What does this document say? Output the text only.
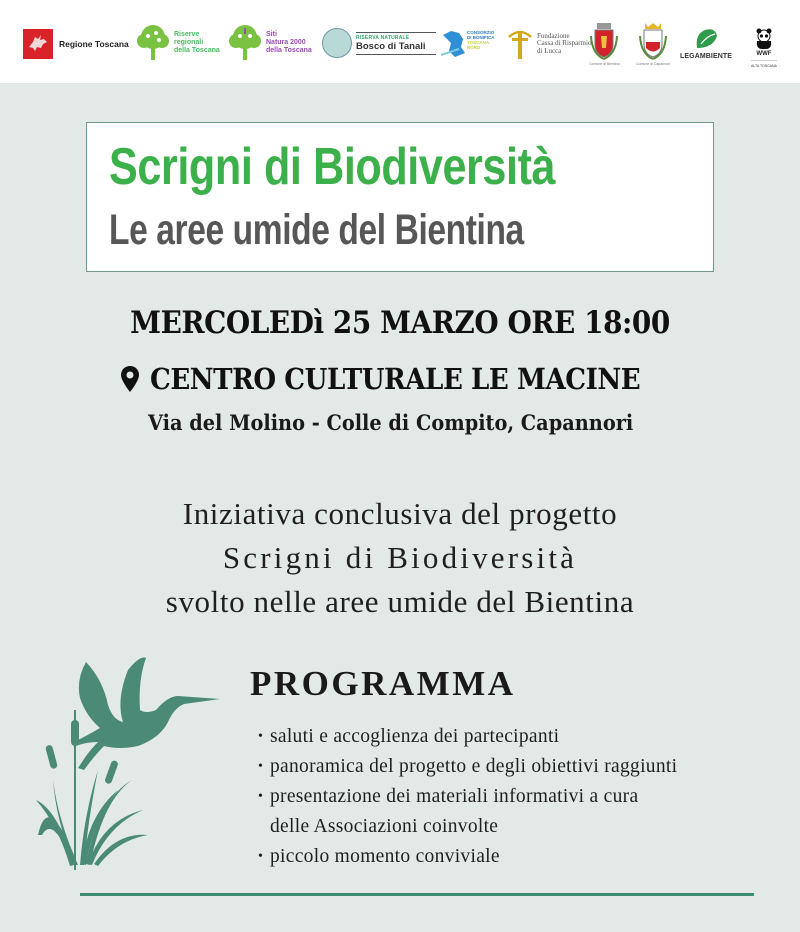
Regione Toscana
Riserve
regionali
della Toscana
Siti
Natura 2000
della Toscana
RISERVA NATURALE
Bosco di Tanali
CONSORZIO
DI BONIFICA
TOSCANA
NORD
Fondazione
Cassa di Risparmio
di Lucca
Comune di Bientina	Comune di Capannori
LEGAMBIENTE	WWF
ALTA TOSCANA
Scrigni di Biodiversità
Le aree umide del Bientina
MERCOLEDì 25 MARZO ORE 18:00
CENTRO CULTURALE LE MACINE
Via del Molino - Colle di Compito, Capannori
Iniziativa conclusiva del progetto
Scrigni di Biodiversità
svolto nelle aree umide del Bientina
PROGRAMMA
• saluti e accoglienza dei partecipanti
• panoramica del progetto e degli obiettivi raggiunti
• presentazione dei materiali informativi a cura
delle Associazioni coinvolte
• piccolo momento conviviale
